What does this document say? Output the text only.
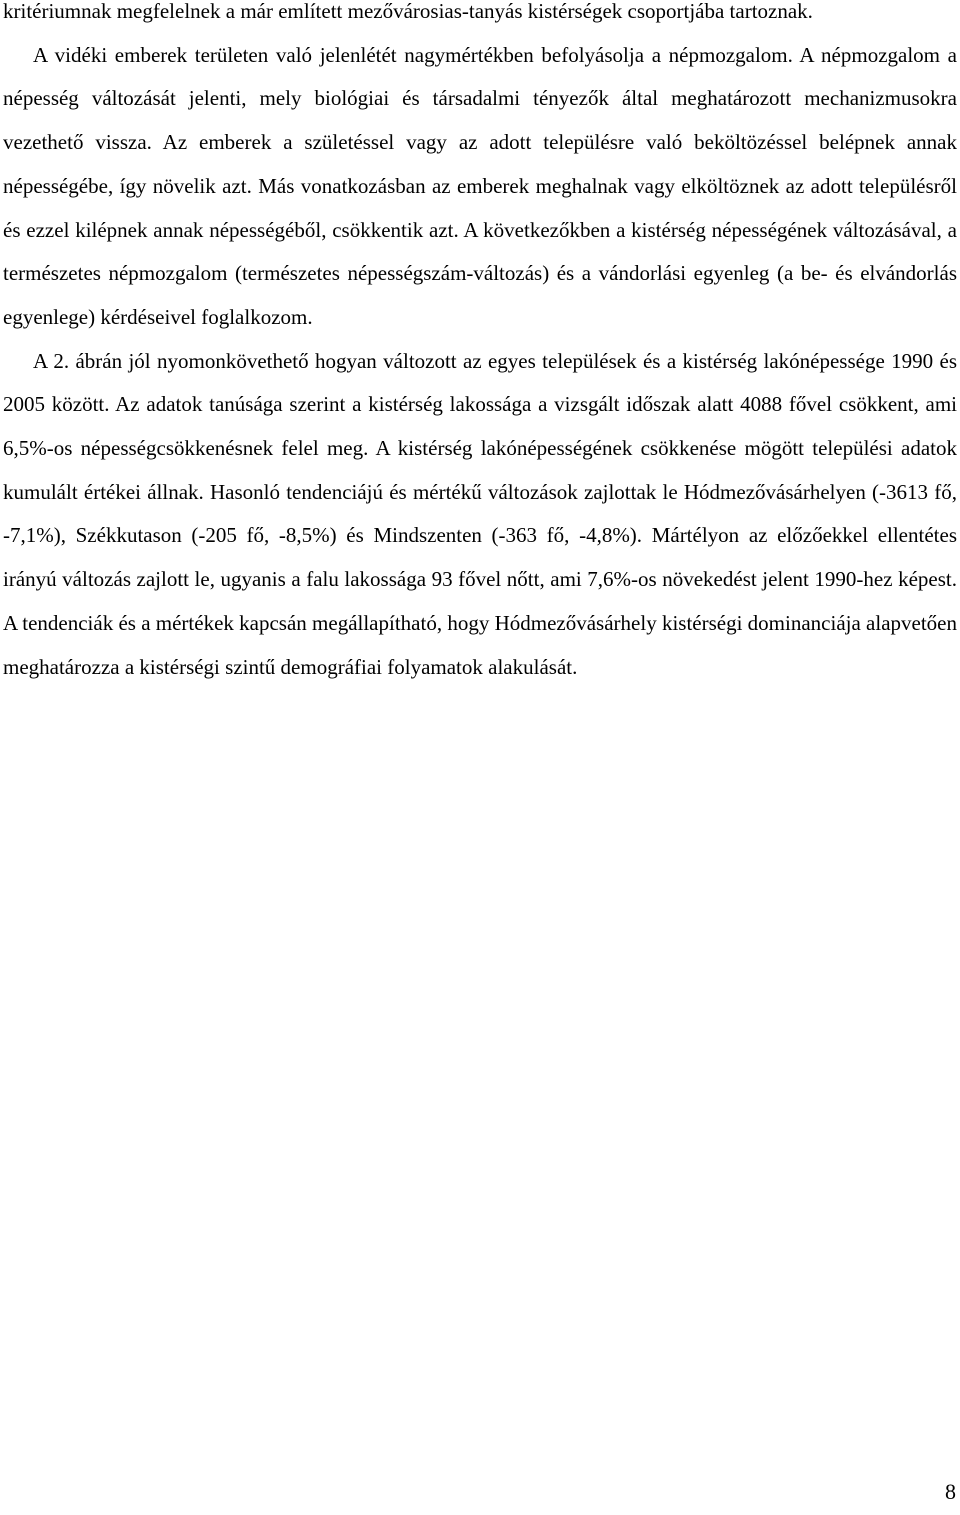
kritériumnak megfelelnek a már említett mezővárosias-tanyás kistérségek csoportjába tartoznak.

A vidéki emberek területen való jelenlétét nagymértékben befolyásolja a népmozgalom. A népmozgalom a népesség változását jelenti, mely biológiai és társadalmi tényezők által meghatározott mechanizmusokra vezethető vissza. Az emberek a születéssel vagy az adott településre való beköltözéssel belépnek annak népességébe, így növelik azt. Más vonatkozásban az emberek meghalnak vagy elköltöznek az adott településről és ezzel kilépnek annak népességéből, csökkentik azt. A következőkben a kistérség népességének változásával, a természetes népmozgalom (természetes népességszám-változás) és a vándorlási egyenleg (a be- és elvándorlás egyenlege) kérdéseivel foglalkozom.

A 2. ábrán jól nyomonkövethető hogyan változott az egyes települések és a kistérség lakónépessége 1990 és 2005 között. Az adatok tanúsága szerint a kistérség lakossága a vizsgált időszak alatt 4088 fővel csökkent, ami 6,5%-os népességcsökkenésnek felel meg. A kistérség lakónépességének csökkenése mögött települési adatok kumulált értékei állnak. Hasonló tendenciájú és mértékű változások zajlottak le Hódmezővásárhelyen (-3613 fő, -7,1%), Székkutason (-205 fő, -8,5%) és Mindszenten (-363 fő, -4,8%). Mártélyon az előzőekkel ellentétes irányú változás zajlott le, ugyanis a falu lakossága 93 fővel nőtt, ami 7,6%-os növekedést jelent 1990-hez képest. A tendenciák és a mértékek kapcsán megállapítható, hogy Hódmezővásárhely kistérségi dominanciája alapvetően meghatározza a kistérségi szintű demográfiai folyamatok alakulását.

8
